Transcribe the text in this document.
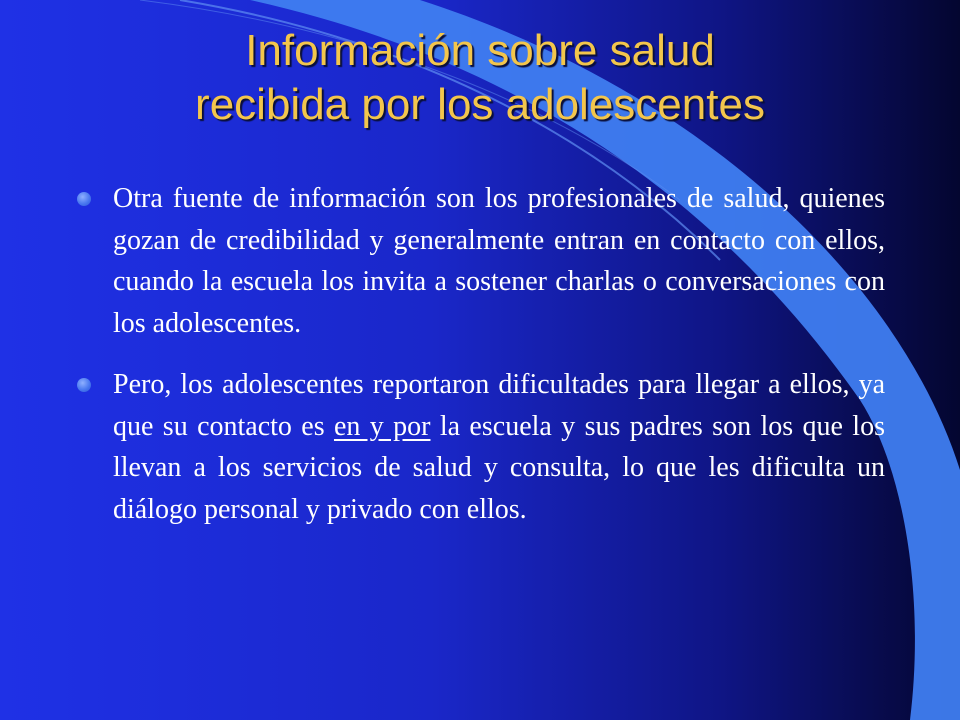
Información sobre salud
recibida por los adolescentes
Otra fuente de información son los profesionales de salud, quienes gozan de credibilidad y generalmente entran en contacto con ellos, cuando la escuela los invita a sostener charlas o conversaciones con los adolescentes.
Pero, los adolescentes reportaron dificultades para llegar a ellos, ya que su contacto es en y por la escuela y sus padres son los que los llevan a los servicios de salud y consulta, lo que les dificulta un diálogo personal y privado con ellos.
